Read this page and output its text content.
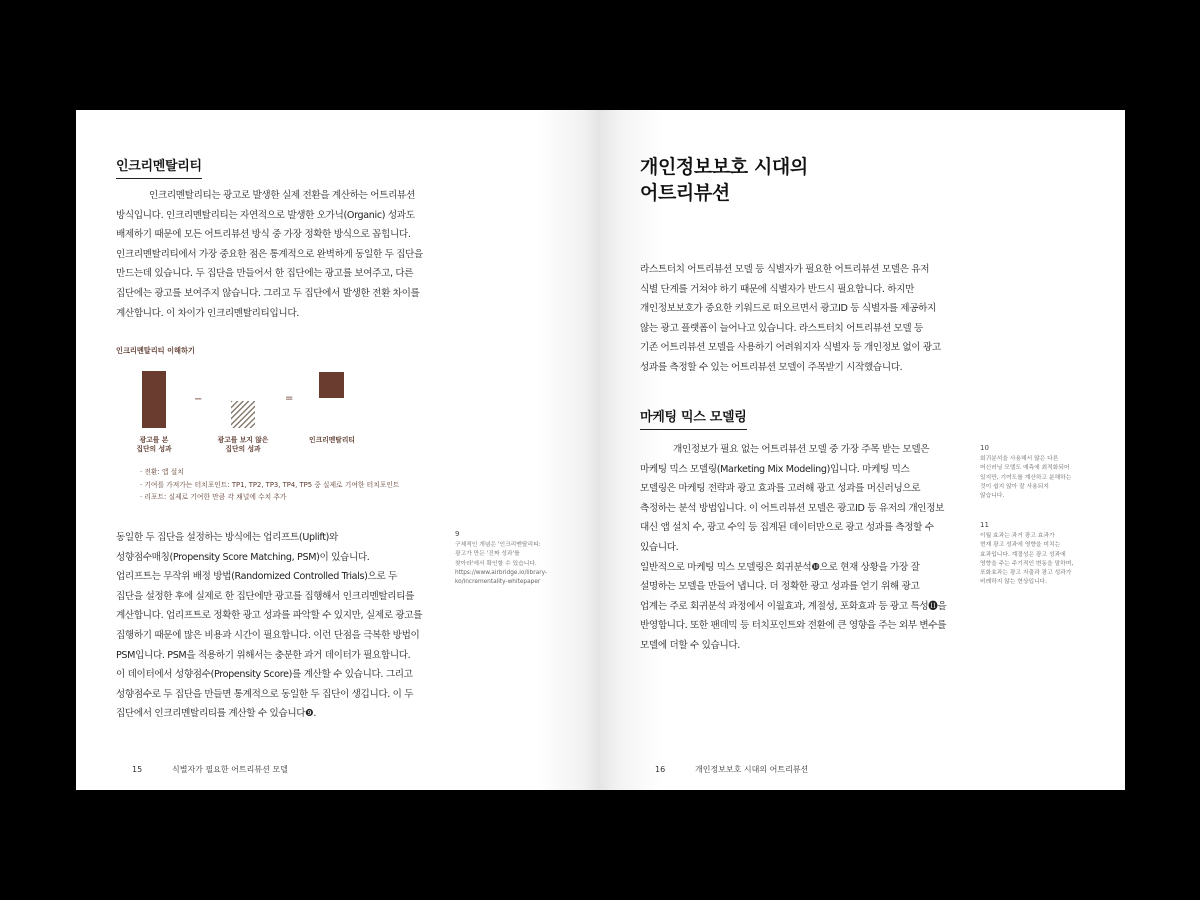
인크리멘탈리티

인크리멘탈리티는 광고로 발생한 실제 전환을 계산하는 어트리뷰션

방식입니다. 인크리멘탈리티는 자연적으로 발생한 오가닉(Organic) 성과도

배제하기 때문에 모든 어트리뷰션 방식 중 가장 정확한 방식으로 꼽힙니다.

인크리멘탈리티에서 가장 중요한 점은 통계적으로 완벽하게 동일한 두 집단을

만드는데 있습니다. 두 집단을 만들어서 한 집단에는 광고를 보여주고, 다른

집단에는 광고를 보여주지 않습니다. 그리고 두 집단에서 발생한 전환 차이를

계산합니다. 이 차이가 인크리멘탈리티입니다.

인크리멘탈리티 이해하기
−	=
광고를 본
집단의 성과
광고를 보지 않은
집단의 성과
인크리멘탈리티
· 전환: 앱 설치
· 기여를 가져가는 터치포인트: TP1, TP2, TP3, TP4, TP5 중 실제로 기여한 터치포인트
· 리포트: 실제로 기여한 만큼 각 채널에 수치 추가

동일한 두 집단을 설정하는 방식에는 업리프트(Uplift)와

성향점수매칭(Propensity Score Matching, PSM)이 있습니다.

업리프트는 무작위 배정 방법(Randomized Controlled Trials)으로 두

집단을 설정한 후에 실제로 한 집단에만 광고를 집행해서 인크리멘탈리티를

계산합니다. 업리프트로 정확한 광고 성과를 파악할 수 있지만, 실제로 광고를

집행하기 때문에 많은 비용과 시간이 필요합니다. 이런 단점을 극복한 방법이

PSM입니다. PSM을 적용하기 위해서는 충분한 과거 데이터가 필요합니다.

이 데이터에서 성향점수(Propensity Score)를 계산할 수 있습니다. 그리고

성향점수로 두 집단을 만들면 통계적으로 동일한 두 집단이 생깁니다. 이 두

집단에서 인크리멘탈리티를 계산할 수 있습니다❾.

9
구체적인 개념은 '인크리멘탈리티:
광고가 만든 '진짜 성과'를
찾아라'에서 확인할 수 있습니다.
https://www.airbridge.io/library-
ko/incrementality-whitepaper
15	식별자가 필요한 어트리뷰션 모델
개인정보보호 시대의
어트리뷰션

라스트터치 어트리뷰션 모델 등 식별자가 필요한 어트리뷰션 모델은 유저

식별 단계를 거쳐야 하기 때문에 식별자가 반드시 필요합니다. 하지만

개인정보보호가 중요한 키워드로 떠오르면서 광고ID 등 식별자를 제공하지

않는 광고 플랫폼이 늘어나고 있습니다. 라스트터치 어트리뷰션 모델 등

기존 어트리뷰션 모델을 사용하기 어려워지자 식별자 등 개인정보 없이 광고

성과를 측정할 수 있는 어트리뷰션 모델이 주목받기 시작했습니다.

마케팅 믹스 모델링

개인정보가 필요 없는 어트리뷰션 모델 중 가장 주목 받는 모델은

마케팅 믹스 모델링(Marketing Mix Modeling)입니다. 마케팅 믹스

모델링은 마케팅 전략과 광고 효과를 고려해 광고 성과를 머신러닝으로

측정하는 분석 방법입니다. 이 어트리뷰션 모델은 광고ID 등 유저의 개인정보

대신 앱 설치 수, 광고 수익 등 집계된 데이터만으로 광고 성과를 측정할 수

있습니다.

일반적으로 마케팅 믹스 모델링은 회귀분석❿으로 현재 상황을 가장 잘

설명하는 모델을 만들어 냅니다. 더 정확한 광고 성과를 얻기 위해 광고

업계는 주로 회귀분석 과정에서 이월효과, 계절성, 포화효과 등 광고 특성⓫을

반영합니다. 또한 팬데믹 등 터치포인트와 전환에 큰 영향을 주는 외부 변수를

모델에 더할 수 있습니다.

10
회귀분석을 사용해서 많은 다른
머신러닝 모델도 예측에 최적화되어
있지만, 기여도를 계산하고 분해하는
것이 쉽지 않아 잘 사용되지
않습니다.
11
이월 효과는 과거 광고 효과가
현재 광고 성과에 영향을 미치는
효과입니다. 계절성은 광고 성과에
영향을 주는 주기적인 변동을 말하며,
포화효과는 광고 지출과 광고 성과가
비례하지 않는 현상입니다.
16	개인정보보호 시대의 어트리뷰션
